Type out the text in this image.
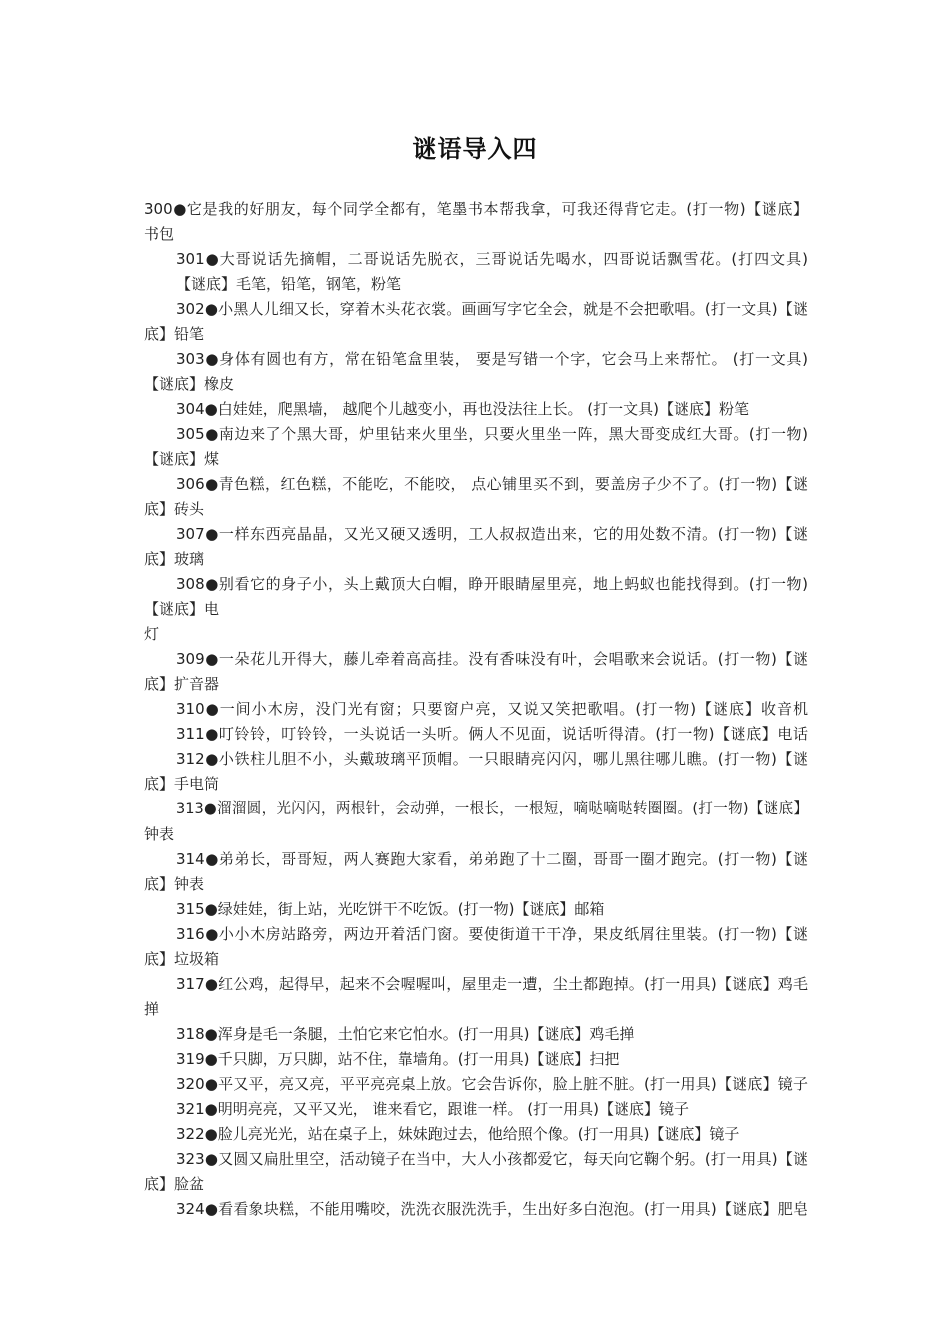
谜语导入四
300●它是我的好朋友，每个同学全都有，笔墨书本帮我拿，可我还得背它走。(打一物)【谜底】
书包
301●大哥说话先摘帽，二哥说话先脱衣，三哥说话先喝水，四哥说话飘雪花。(打四文具)
【谜底】毛笔，铅笔，钢笔，粉笔
302●小黑人儿细又长，穿着木头花衣裳。画画写字它全会，就是不会把歌唱。(打一文具)【谜
底】铅笔
303●身体有圆也有方，常在铅笔盒里装， 要是写错一个字，它会马上来帮忙。 (打一文具)
【谜底】橡皮
304●白娃娃，爬黑墙， 越爬个儿越变小，再也没法往上长。 (打一文具)【谜底】粉笔
305●南边来了个黑大哥，炉里钻来火里坐，只要火里坐一阵，黑大哥变成红大哥。(打一物)
【谜底】煤
306●青色糕，红色糕，不能吃，不能咬， 点心铺里买不到，要盖房子少不了。(打一物)【谜
底】砖头
307●一样东西亮晶晶，又光又硬又透明，工人叔叔造出来，它的用处数不清。(打一物)【谜
底】玻璃
308●别看它的身子小，头上戴顶大白帽，睁开眼睛屋里亮，地上蚂蚁也能找得到。(打一物)
【谜底】电
灯
309●一朵花儿开得大，藤儿牵着高高挂。没有香味没有叶，会唱歌来会说话。(打一物)【谜
底】扩音器
310●一间小木房，没门光有窗；只要窗户亮，又说又笑把歌唱。(打一物)【谜底】收音机
311●叮铃铃，叮铃铃，一头说话一头听。俩人不见面，说话听得清。(打一物)【谜底】电话
312●小铁柱儿胆不小，头戴玻璃平顶帽。一只眼睛亮闪闪，哪儿黑往哪儿瞧。(打一物)【谜
底】手电筒
313●溜溜圆，光闪闪，两根针，会动弹，一根长，一根短，嘀哒嘀哒转圈圈。(打一物)【谜底】
钟表
314●弟弟长，哥哥短，两人赛跑大家看，弟弟跑了十二圈，哥哥一圈才跑完。(打一物)【谜
底】钟表
315●绿娃娃，街上站，光吃饼干不吃饭。(打一物)【谜底】邮箱
316●小小木房站路旁，两边开着活门窗。要使街道干干净，果皮纸屑往里装。(打一物)【谜
底】垃圾箱
317●红公鸡，起得早，起来不会喔喔叫，屋里走一遭，尘土都跑掉。(打一用具)【谜底】鸡毛
掸
318●浑身是毛一条腿，土怕它来它怕水。(打一用具)【谜底】鸡毛掸
319●千只脚，万只脚，站不住，靠墙角。(打一用具)【谜底】扫把
320●平又平，亮又亮，平平亮亮桌上放。它会告诉你，脸上脏不脏。(打一用具)【谜底】镜子
321●明明亮亮，又平又光， 谁来看它，跟谁一样。 (打一用具)【谜底】镜子
322●脸儿亮光光，站在桌子上，妹妹跑过去，他给照个像。(打一用具)【谜底】镜子
323●又圆又扁肚里空，活动镜子在当中，大人小孩都爱它，每天向它鞠个躬。(打一用具)【谜
底】脸盆
324●看看象块糕，不能用嘴咬，洗洗衣服洗洗手，生出好多白泡泡。(打一用具)【谜底】肥皂
